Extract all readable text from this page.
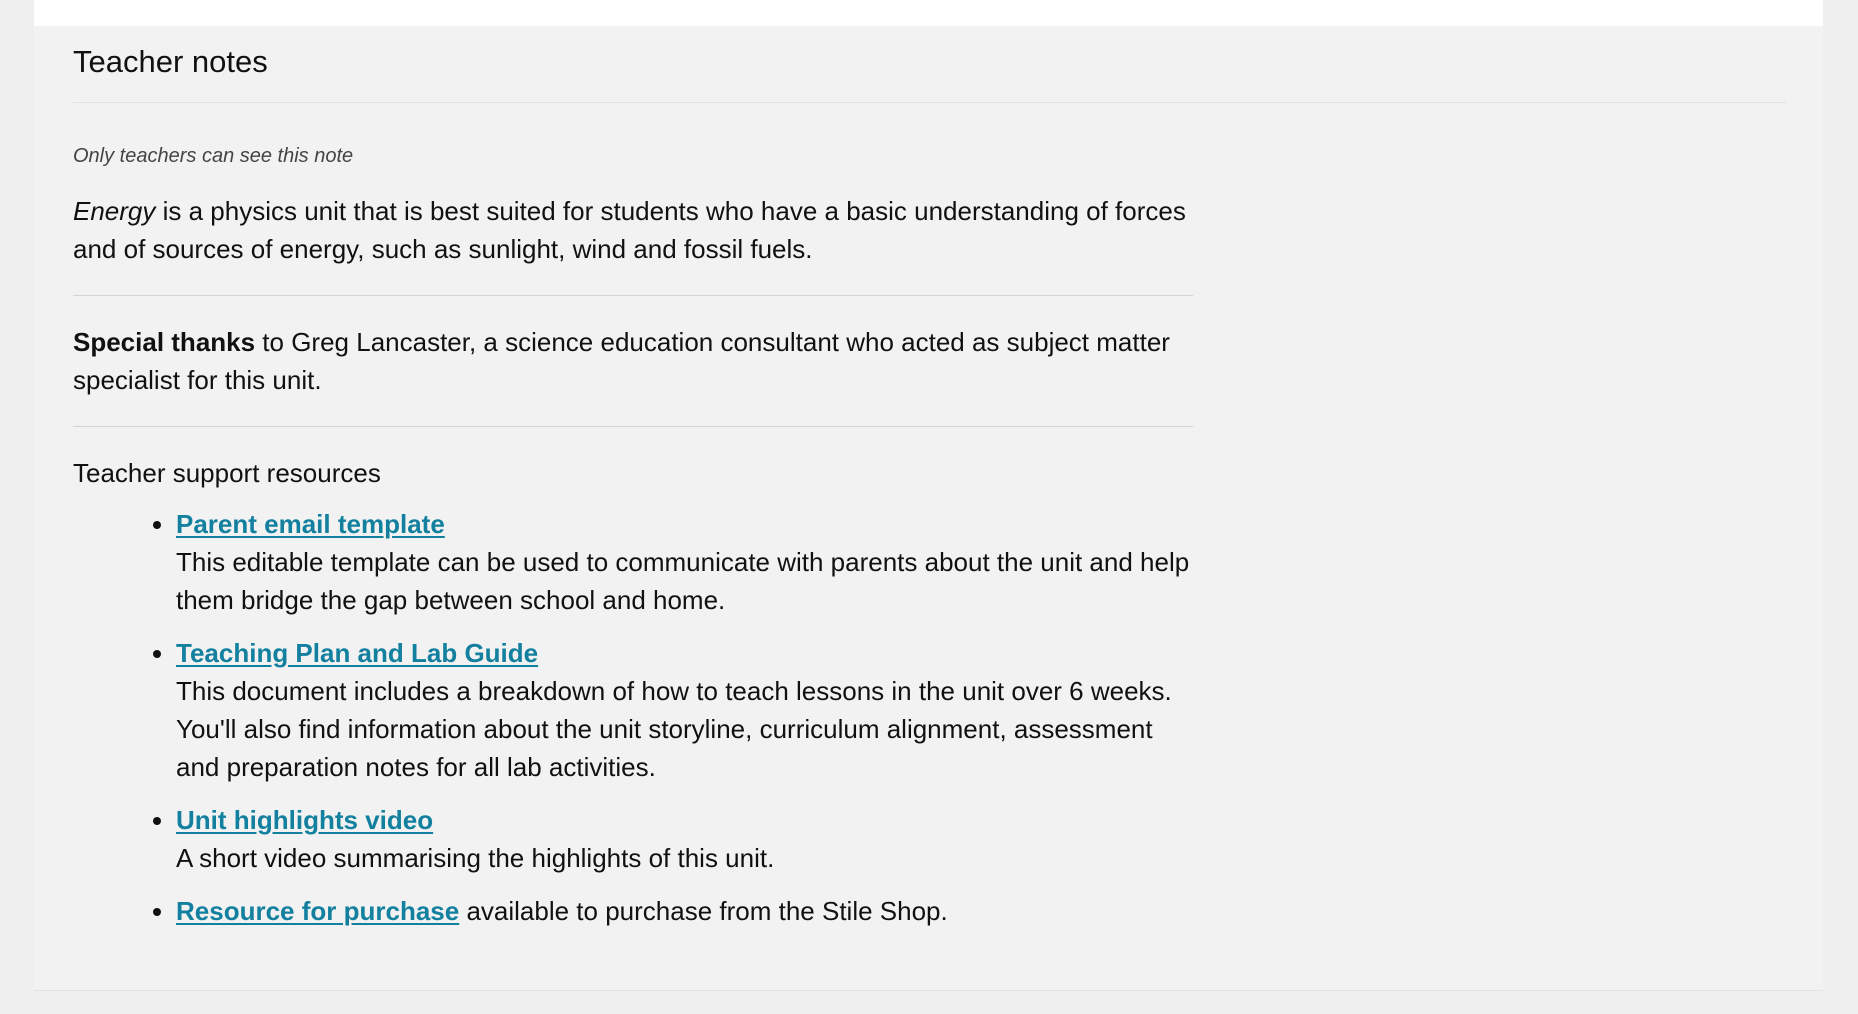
Teacher notes

Only teachers can see this note

Energy is a physics unit that is best suited for students who have a basic understanding of forces and of sources of energy, such as sunlight, wind and fossil fuels.

Special thanks to Greg Lancaster, a science education consultant who acted as subject matter specialist for this unit.

Teacher support resources

• Parent email template
This editable template can be used to communicate with parents about the unit and help them bridge the gap between school and home.
• Teaching Plan and Lab Guide
This document includes a breakdown of how to teach lessons in the unit over 6 weeks. You'll also find information about the unit storyline, curriculum alignment, assessment and preparation notes for all lab activities.
• Unit highlights video
A short video summarising the highlights of this unit.
• Resource for purchase available to purchase from the Stile Shop.
